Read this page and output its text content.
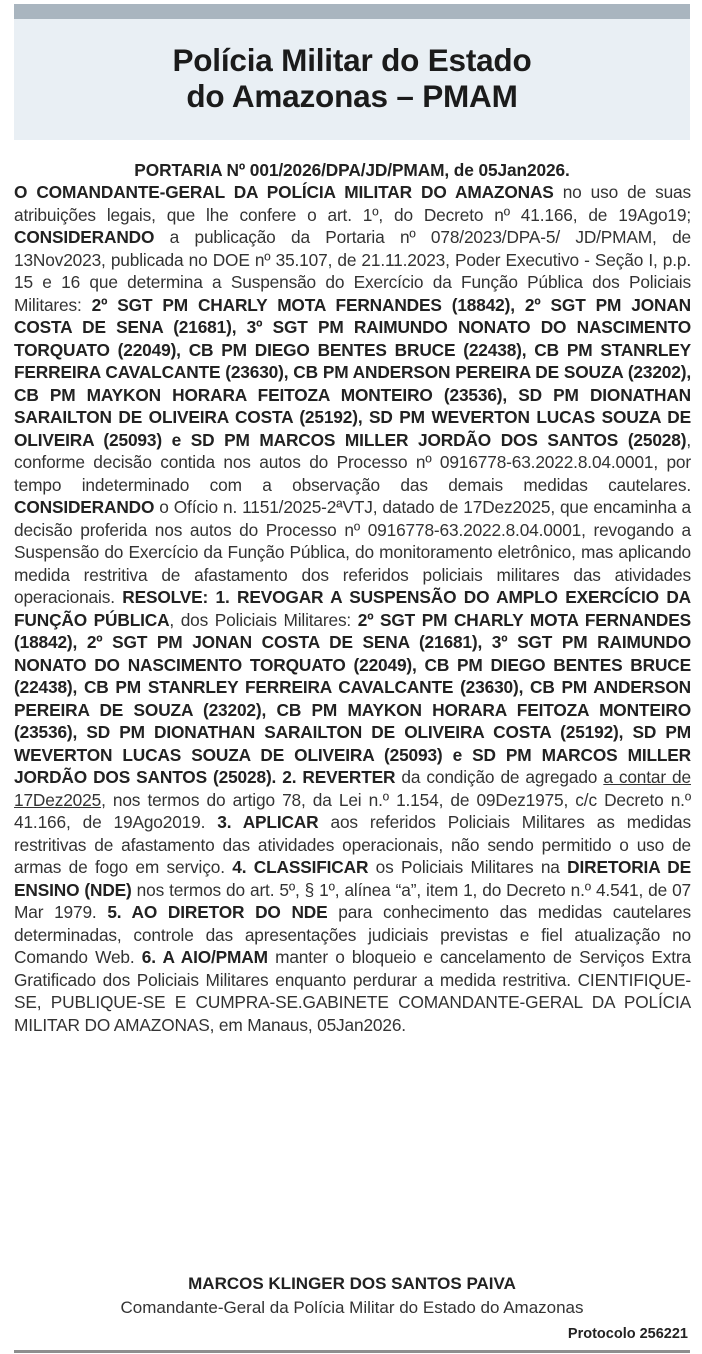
Polícia Militar do Estado
do Amazonas – PMAM
PORTARIA Nº 001/2026/DPA/JD/PMAM, de 05Jan2026.
O COMANDANTE-GERAL DA POLÍCIA MILITAR DO AMAZONAS no uso de suas atribuições legais, que lhe confere o art. 1º, do Decreto nº 41.166, de 19Ago19; CONSIDERANDO a publicação da Portaria nº 078/2023/DPA-5/ JD/PMAM, de 13Nov2023, publicada no DOE nº 35.107, de 21.11.2023, Poder Executivo - Seção I, p.p. 15 e 16 que determina a Suspensão do Exercício da Função Pública dos Policiais Militares: 2º SGT PM CHARLY MOTA FERNANDES (18842), 2º SGT PM JONAN COSTA DE SENA (21681), 3º SGT PM RAIMUNDO NONATO DO NASCIMENTO TORQUATO (22049), CB PM DIEGO BENTES BRUCE (22438), CB PM STANRLEY FERREIRA CAVALCANTE (23630), CB PM ANDERSON PEREIRA DE SOUZA (23202), CB PM MAYKON HORARA FEITOZA MONTEIRO (23536), SD PM DIONATHAN SARAILTON DE OLIVEIRA COSTA (25192), SD PM WEVERTON LUCAS SOUZA DE OLIVEIRA (25093) e SD PM MARCOS MILLER JORDÃO DOS SANTOS (25028), conforme decisão contida nos autos do Processo nº 0916778-63.2022.8.04.0001, por tempo indeterminado com a observação das demais medidas cautelares. CONSIDERANDO o Ofício n. 1151/2025-2ªVTJ, datado de 17Dez2025, que encaminha a decisão proferida nos autos do Processo nº 0916778-63.2022.8.04.0001, revogando a Suspensão do Exercício da Função Pública, do monitoramento eletrônico, mas aplicando medida restritiva de afastamento dos referidos policiais militares das atividades operacionais. RESOLVE: 1. REVOGAR A SUSPENSÃO DO AMPLO EXERCÍCIO DA FUNÇÃO PÚBLICA, dos Policiais Militares: 2º SGT PM CHARLY MOTA FERNANDES (18842), 2º SGT PM JONAN COSTA DE SENA (21681), 3º SGT PM RAIMUNDO NONATO DO NASCIMENTO TORQUATO (22049), CB PM DIEGO BENTES BRUCE (22438), CB PM STANRLEY FERREIRA CAVALCANTE (23630), CB PM ANDERSON PEREIRA DE SOUZA (23202), CB PM MAYKON HORARA FEITOZA MONTEIRO (23536), SD PM DIONATHAN SARAILTON DE OLIVEIRA COSTA (25192), SD PM WEVERTON LUCAS SOUZA DE OLIVEIRA (25093) e SD PM MARCOS MILLER JORDÃO DOS SANTOS (25028). 2. REVERTER da condição de agregado a contar de 17Dez2025, nos termos do artigo 78, da Lei n.º 1.154, de 09Dez1975, c/c Decreto n.º 41.166, de 19Ago2019. 3. APLICAR aos referidos Policiais Militares as medidas restritivas de afastamento das atividades operacionais, não sendo permitido o uso de armas de fogo em serviço. 4. CLASSIFICAR os Policiais Militares na DIRETORIA DE ENSINO (NDE) nos termos do art. 5º, § 1º, alínea “a”, item 1, do Decreto n.º 4.541, de 07 Mar 1979. 5. AO DIRETOR DO NDE para conhecimento das medidas cautelares determinadas, controle das apresentações judiciais previstas e fiel atualização no Comando Web. 6. A AIO/PMAM manter o bloqueio e cancelamento de Serviços Extra Gratificado dos Policiais Militares enquanto perdurar a medida restritiva. CIENTIFIQUE-SE, PUBLIQUE-SE E CUMPRA-SE.GABINETE COMANDANTE-GERAL DA POLÍCIA MILITAR DO AMAZONAS, em Manaus, 05Jan2026.
MARCOS KLINGER DOS SANTOS PAIVA
Comandante-Geral da Polícia Militar do Estado do Amazonas
Protocolo 256221
